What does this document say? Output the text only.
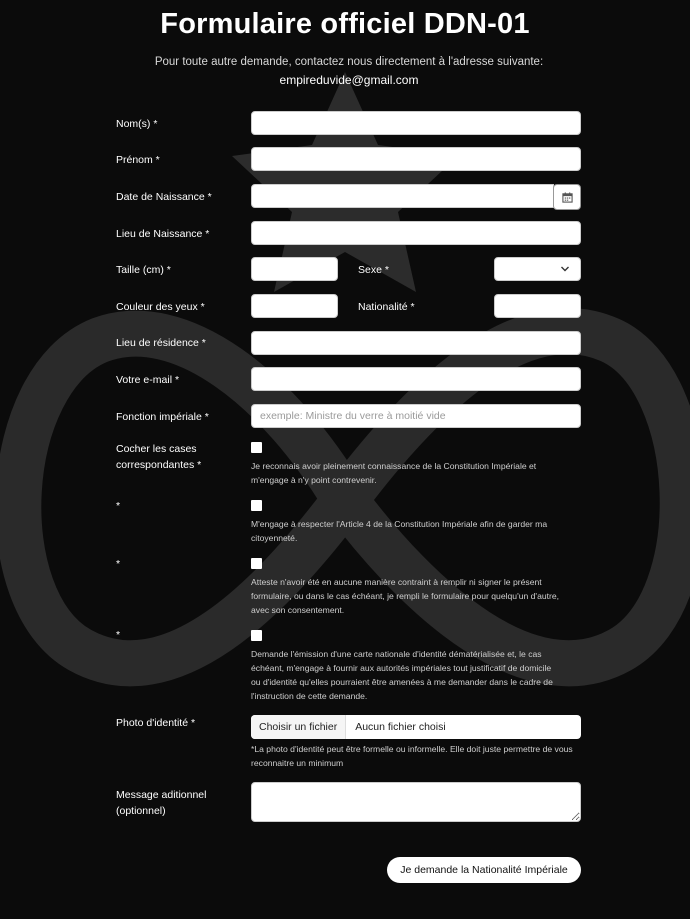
Formulaire officiel DDN-01
Pour toute autre demande, contactez nous directement à l'adresse suivante:
empireduvide@gmail.com
Nom(s) *
Prénom *
Date de Naissance *
Lieu de Naissance *
Taille (cm) *	Sexe *
Couleur des yeux *	Nationalité *
Lieu de résidence *
Votre e-mail *
Fonction impériale *	exemple: Ministre du verre à moitié vide
Cocher les cases
correspondantes *	Je reconnais avoir pleinement connaissance de la Constitution Impériale et m'engage à n'y point contrevenir.
*
M'engage à respecter l'Article 4 de la Constitution Impériale afin de garder ma citoyenneté.
*
Atteste n'avoir été en aucune manière contraint à remplir ni signer le présent formulaire, ou dans le cas échéant, je rempli le formulaire pour quelqu'un d'autre, avec son consentement.
*
Demande l'émission d'une carte nationale d'identité dématérialisée et, le cas échéant, m'engage à fournir aux autorités impériales tout justificatif de domicile ou d'identité qu'elles pourraient être amenées à me demander dans le cadre de l'instruction de cette demande.
Photo d'identité *	Choisir un fichier	Aucun fichier choisi
*La photo d'identité peut être formelle ou informelle. Elle doit juste permettre de vous reconnaitre un minimum
Message aditionnel
(optionnel)
Je demande la Nationalité Impériale
